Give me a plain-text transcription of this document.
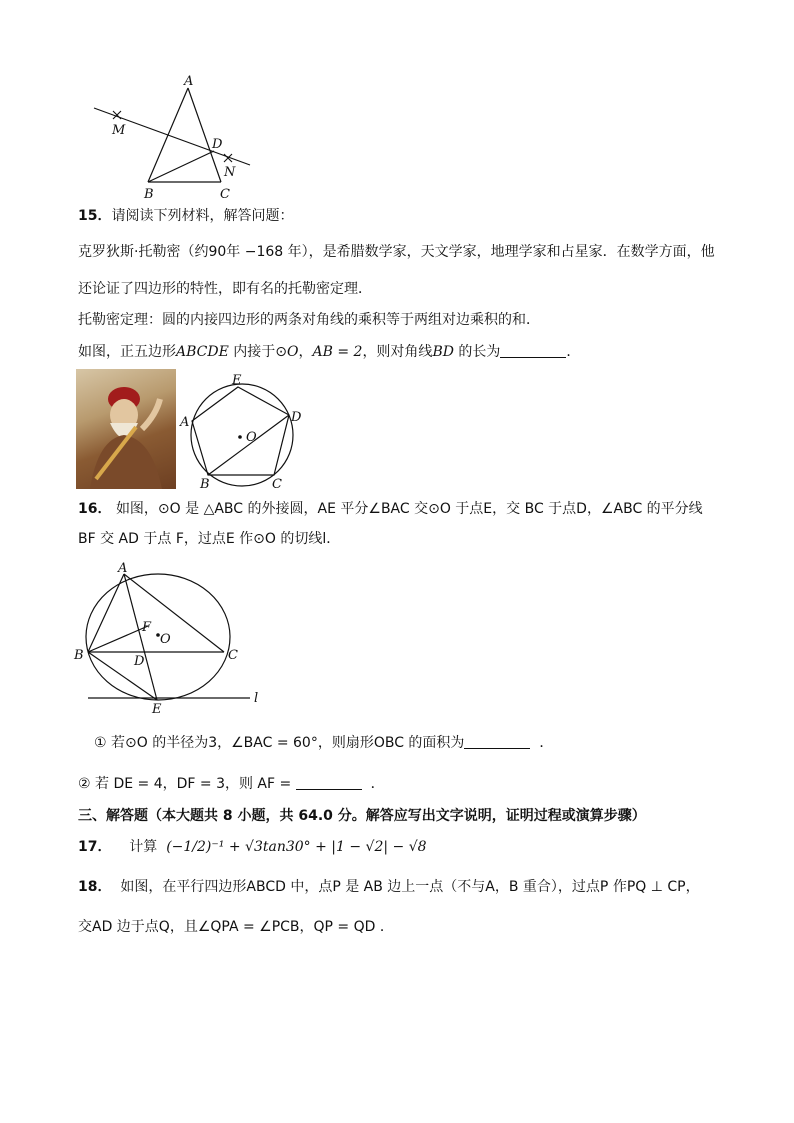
A
M
D
N
B	C
15．请阅读下列材料，解答问题：
克罗狄斯·托勒密（约90年 −168 年），是希腊数学家，天文学家，地理学家和占星家．在数学方面，他
还论证了四边形的特性，即有名的托勒密定理．
托勒密定理：圆的内接四边形的两条对角线的乘积等于两组对边乘积的和．
如图，正五边形ABCDE 内接于⊙O，AB = 2，则对角线BD 的长为	．
E
A	D
O
B	C
16． 如图，⊙O 是 △ABC 的外接圆，AE 平分∠BAC 交⊙O 于点E，交 BC 于点D，∠ABC 的平分线
BF 交 AD 于点 F，过点E 作⊙O 的切线l．
A
F
O
B	D	C
E
l
① 若⊙O 的半径为3，∠BAC = 60°，则扇形OBC 的面积为	．
② 若 DE = 4，DF = 3，则 AF =	．
三、解答题（本大题共 8 小题，共 64.0 分。解答应写出文字说明，证明过程或演算步骤）
17． 计算 (−1/2)⁻¹ + √3tan30° + |1 − √2| − √8
18． 如图，在平行四边形ABCD 中，点P 是 AB 边上一点（不与A，B 重合），过点P 作PQ ⊥ CP，
交AD 边于点Q，且∠QPA = ∠PCB，QP = QD ．
